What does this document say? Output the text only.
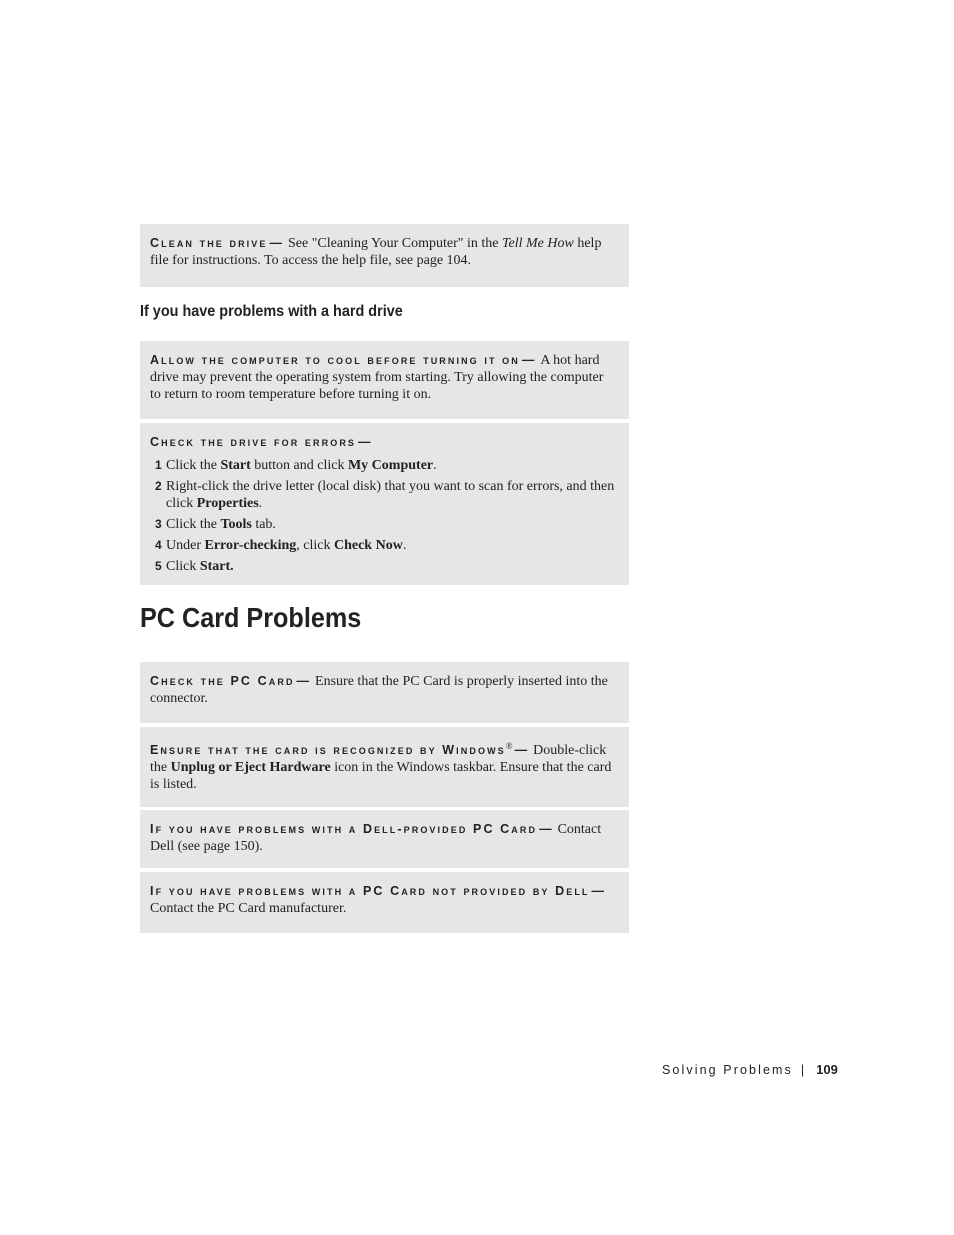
Clean the drive — See "Cleaning Your Computer" in the Tell Me How help file for instructions. To access the help file, see page 104.
If you have problems with a hard drive
Allow the computer to cool before turning it on — A hot hard drive may prevent the operating system from starting. Try allowing the computer to return to room temperature before turning it on.
Check the drive for errors —
1 Click the Start button and click My Computer.
2 Right-click the drive letter (local disk) that you want to scan for errors, and then click Properties.
3 Click the Tools tab.
4 Under Error-checking, click Check Now.
5 Click Start.
PC Card Problems
Check the PC Card — Ensure that the PC Card is properly inserted into the connector.
Ensure that the card is recognized by Windows® — Double-click the Unplug or Eject Hardware icon in the Windows taskbar. Ensure that the card is listed.
If you have problems with a Dell-provided PC Card — Contact Dell (see page 150).
If you have problems with a PC Card not provided by Dell —Contact the PC Card manufacturer.
Solving Problems | 109
